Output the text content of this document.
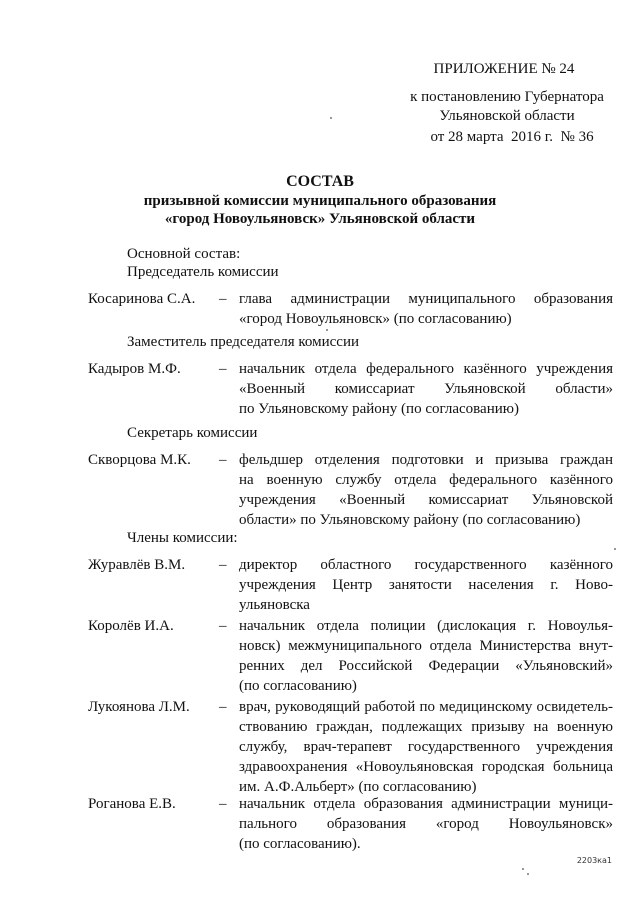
ПРИЛОЖЕНИЕ № 24
к постановлению Губернатора
Ульяновской области
от 28 марта  2016 г.  № 36
СОСТАВ
призывной комиссии муниципального образования
«город Новоульяновск» Ульяновской области
Основной состав:
Председатель комиссии
Косаринова С.А. – глава администрации муниципального образования
«город Новоульяновск» (по согласованию)
Заместитель председателя комиссии
Кадыров М.Ф.	– начальник отдела федерального казённого учреждения
«Военный комиссариат Ульяновской области»
по Ульяновскому району (по согласованию)
Секретарь комиссии
Скворцова М.К. – фельдшер отделения подготовки и призыва граждан
на военную службу отдела федерального казённого
учреждения «Военный комиссариат Ульяновской
области» по Ульяновскому району (по согласованию)
Члены комиссии:
Журавлёв В.М. – директор областного государственного казённого
учреждения Центр занятости населения г. Ново-
ульяновска
Королёв И.А.	– начальник отдела полиции (дислокация г. Новоулья-
новск) межмуниципального отдела Министерства внут-
ренних дел Российской Федерации «Ульяновский»
(по согласованию)
Лукоянова Л.М. – врач, руководящий работой по медицинскому освидетель-
ствованию граждан, подлежащих призыву на военную
службу, врач-терапевт государственного учреждения
здравоохранения «Новоульяновская городская больница
им. А.Ф.Альберт» (по согласованию)
Роганова Е.В.	– начальник отдела образования администрации муници-
пального образования «город Новоульяновск»
(по согласованию).
2203ка1
